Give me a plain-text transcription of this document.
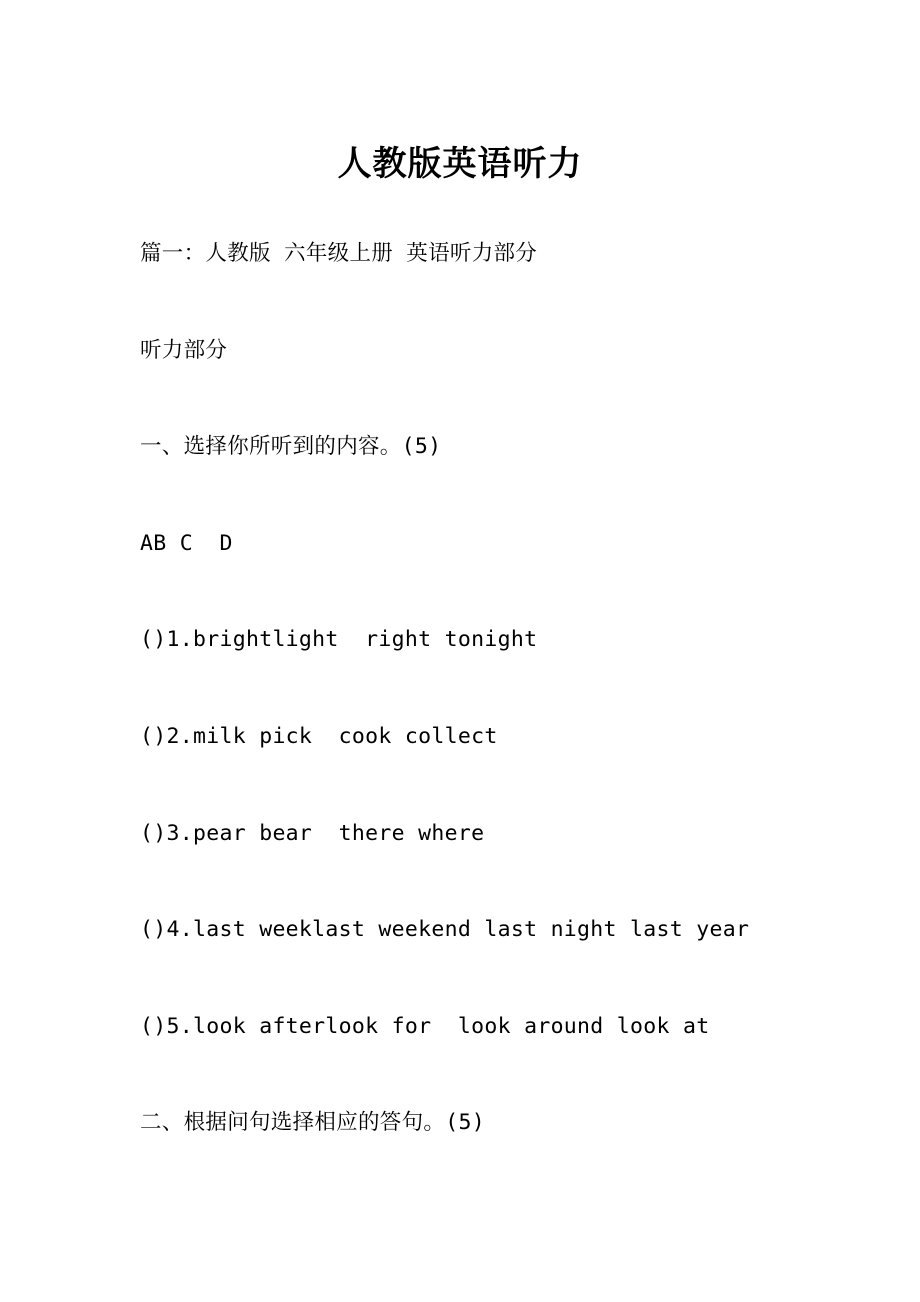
人教版英语听力
篇一：人教版 六年级上册 英语听力部分
听力部分
一、选择你所听到的内容。(5)
AB C  D
()1.brightlight  right tonight
()2.milk pick  cook collect
()3.pear bear  there where
()4.last weeklast weekend last night last year
()5.look afterlook for  look around look at
二、根据问句选择相应的答句。(5)
